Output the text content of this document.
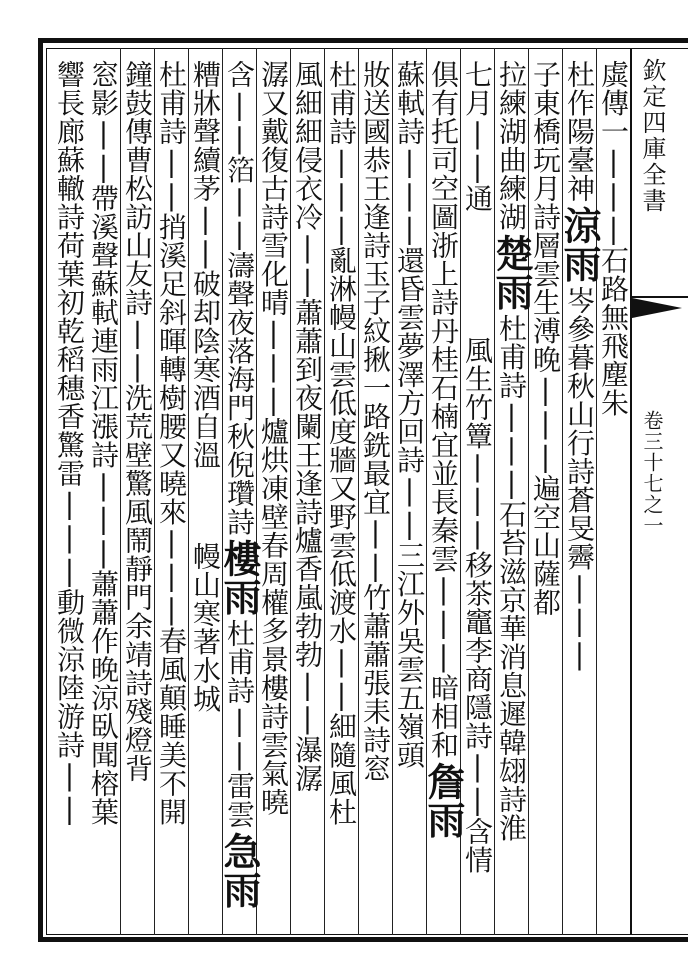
欽定四庫全書
卷三十七之一
虡傳一|||石路無飛塵朱
杜作陽臺神
涼雨
岑參暮秋山行詩蒼旻霽|||
子東橋玩月詩層雲生溥晚|||遍空山薩都
拉練湖曲練湖
楚雨
杜甫詩|||石苔滋京華消息遲韓翃詩淮
七月||通
風生竹簟|||移茶竈李商隱詩||含情
俱有托司空圖浙上詩丹桂石楠宜並長秦雲|||暗相和
詹雨
蘇軾詩|||還昏雲夢澤方回詩||三江外吳雲五嶺頭
妝送國恭王逢詩玉子紋揪一路銑最宜||竹蕭蕭張耒詩窓
杜甫詩|||亂淋幔山雲低度牆又野雲低渡水||細隨風杜
風細細侵衣冷||蕭蕭到夜闌王逢詩爐香嵐勃勃||瀑潺
潺又戴復古詩雪化晴|||爐烘凍壁春周權多景樓詩雲氣曉
含||箔||濤聲夜落海門秋倪瓚詩
樓雨
杜甫詩||雷雲
急雨
糟牀聲續茅||破却陰寒酒自溫
幔山寒著水城
杜甫詩||捎溪足斜暉轉樹腰又曉來|||春風顛睡美不開
鐘鼓傳曹松訪山友詩||洗荒壁驚風鬧靜門余靖詩殘燈背
窓影||帶溪聲蘇軾連雨江漲詩|||蕭蕭作晚涼臥聞榕葉
響長廊蘇轍詩荷葉初乾稻穗香驚雷|||動微涼陸游詩||
